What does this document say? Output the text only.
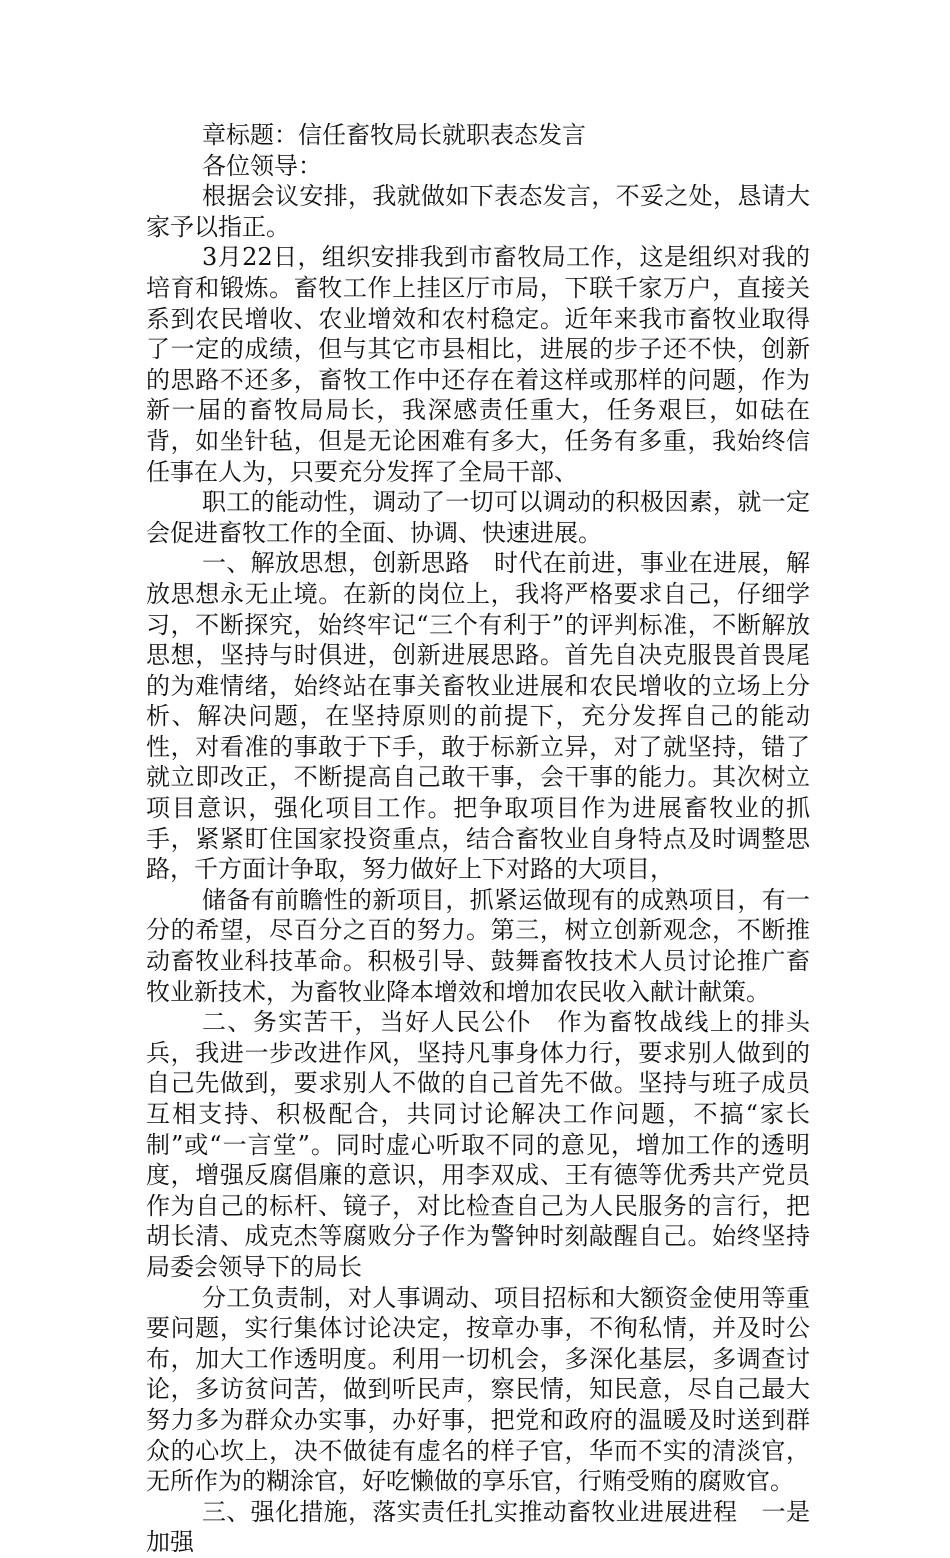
章标题：信任畜牧局长就职表态发言

各位领导：

根据会议安排，我就做如下表态发言，不妥之处，恳请大家予以指正。

3月22日，组织安排我到市畜牧局工作，这是组织对我的培育和锻炼。畜牧工作上挂区厅市局，下联千家万户，直接关系到农民增收、农业增效和农村稳定。近年来我市畜牧业取得了一定的成绩，但与其它市县相比，进展的步子还不快，创新的思路不还多，畜牧工作中还存在着这样或那样的问题，作为新一届的畜牧局局长，我深感责任重大，任务艰巨，如砝在背，如坐针毡，但是无论困难有多大，任务有多重，我始终信任事在人为，只要充分发挥了全局干部、

职工的能动性，调动了一切可以调动的积极因素，就一定会促进畜牧工作的全面、协调、快速进展。

一、解放思想，创新思路　时代在前进，事业在进展，解放思想永无止境。在新的岗位上，我将严格要求自己，仔细学习，不断探究，始终牢记“三个有利于”的评判标准，不断解放思想，坚持与时俱进，创新进展思路。首先自决克服畏首畏尾的为难情绪，始终站在事关畜牧业进展和农民增收的立场上分析、解决问题，在坚持原则的前提下，充分发挥自己的能动性，对看准的事敢于下手，敢于标新立异，对了就坚持，错了就立即改正，不断提高自己敢干事，会干事的能力。其次树立项目意识，强化项目工作。把争取项目作为进展畜牧业的抓手，紧紧盯住国家投资重点，结合畜牧业自身特点及时调整思路，千方面计争取，努力做好上下对路的大项目，

储备有前瞻性的新项目，抓紧运做现有的成熟项目，有一分的希望，尽百分之百的努力。第三，树立创新观念，不断推动畜牧业科技革命。积极引导、鼓舞畜牧技术人员讨论推广畜牧业新技术，为畜牧业降本增效和增加农民收入献计献策。

二、务实苦干，当好人民公仆　作为畜牧战线上的排头兵，我进一步改进作风，坚持凡事身体力行，要求别人做到的自己先做到，要求别人不做的自己首先不做。坚持与班子成员互相支持、积极配合，共同讨论解决工作问题，不搞“家长制”或“一言堂”。同时虚心听取不同的意见，增加工作的透明度，增强反腐倡廉的意识，用李双成、王有德等优秀共产党员作为自己的标杆、镜子，对比检查自己为人民服务的言行，把胡长清、成克杰等腐败分子作为警钟时刻敲醒自己。始终坚持局委会领导下的局长

分工负责制，对人事调动、项目招标和大额资金使用等重要问题，实行集体讨论决定，按章办事，不徇私情，并及时公布，加大工作透明度。利用一切机会，多深化基层，多调查讨论，多访贫问苦，做到听民声，察民情，知民意，尽自己最大努力多为群众办实事，办好事，把党和政府的温暖及时送到群众的心坎上，决不做徒有虚名的样子官，华而不实的清淡官，无所作为的糊涂官，好吃懒做的享乐官，行贿受贿的腐败官。

三、强化措施，落实责任扎实推动畜牧业进展进程　一是加强
